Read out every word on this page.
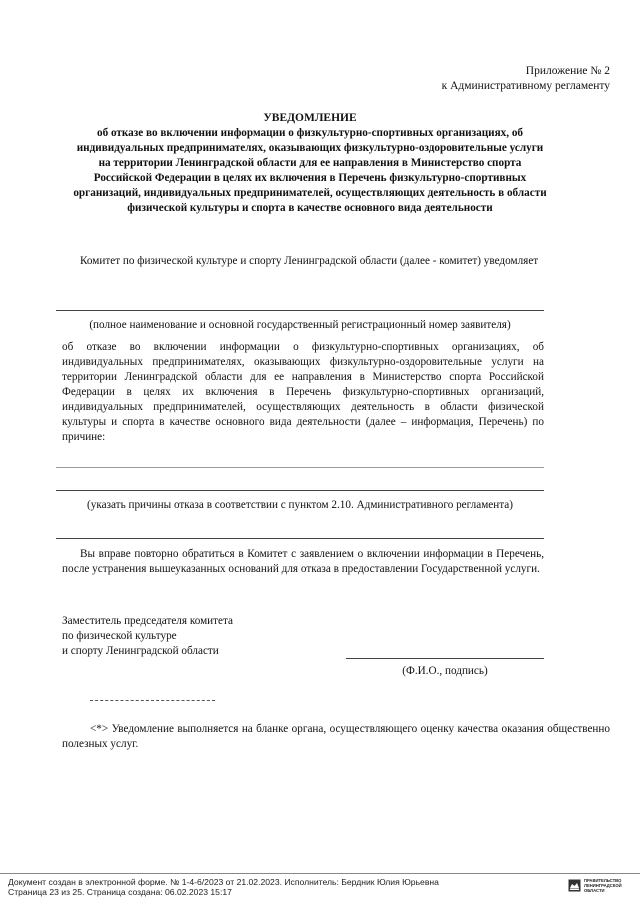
Приложение № 2
к Административному регламенту
УВЕДОМЛЕНИЕ
об отказе во включении информации о физкультурно-спортивных организациях, об индивидуальных предпринимателях, оказывающих физкультурно-оздоровительные услуги на территории Ленинградской области для ее направления в Министерство спорта Российской Федерации в целях их включения в Перечень физкультурно-спортивных организаций, индивидуальных предпринимателей, осуществляющих деятельность в области физической культуры и спорта в качестве основного вида деятельности
Комитет по физической культуре и спорту Ленинградской области (далее - комитет) уведомляет
(полное наименование и основной государственный регистрационный номер заявителя)
об отказе во включении информации о физкультурно-спортивных организациях, об индивидуальных предпринимателях, оказывающих физкультурно-оздоровительные услуги на территории Ленинградской области для ее направления в Министерство спорта Российской Федерации в целях их включения в Перечень физкультурно-спортивных организаций, индивидуальных предпринимателей, осуществляющих деятельность в области физической культуры и спорта в качестве основного вида деятельности (далее – информация, Перечень) по причине:
(указать причины отказа в соответствии с пунктом 2.10. Административного регламента)
Вы вправе повторно обратиться в Комитет с заявлением о включении информации в Перечень, после устранения вышеуказанных оснований для отказа в предоставлении Государственной услуги.
Заместитель председателя комитета
по физической культуре
и спорту Ленинградской области
(Ф.И.О., подпись)
<*> Уведомление выполняется на бланке органа, осуществляющего оценку качества оказания общественно полезных услуг.
Документ создан в электронной форме. № 1-4-6/2023 от 21.02.2023. Исполнитель: Бердник Юлия Юрьевна
Страница 23 из 25. Страница создана: 06.02.2023 15:17
ПРАВИТЕЛЬСТВО
ЛЕНИНГРАДСКОЙ
ОБЛАСТИ
